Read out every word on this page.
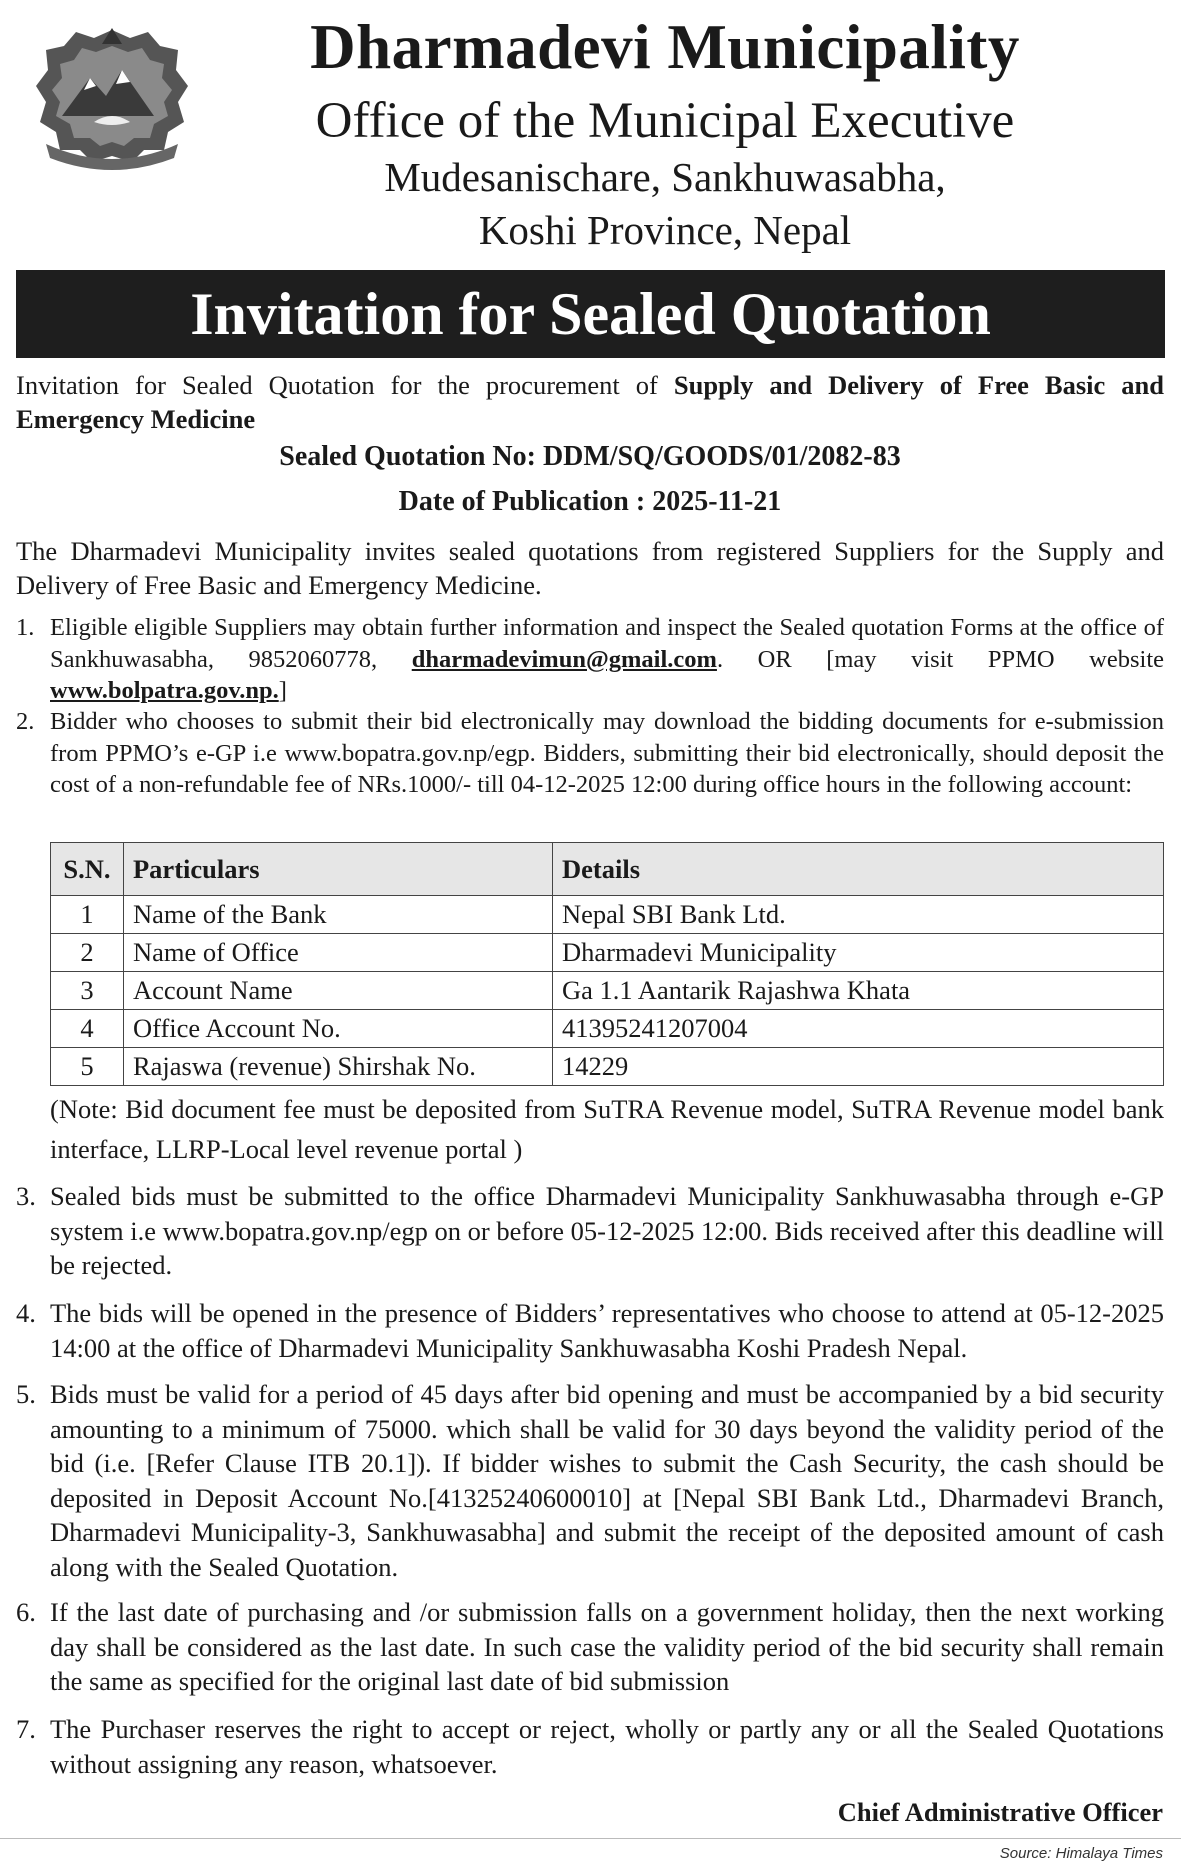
Dharmadevi Municipality
Office of the Municipal Executive
Mudesanischare, Sankhuwasabha,
Koshi Province, Nepal
Invitation for Sealed Quotation
Invitation for Sealed Quotation for the procurement of Supply and Delivery of Free Basic and Emergency Medicine
Sealed Quotation No: DDM/SQ/GOODS/01/2082-83
Date of Publication : 2025-11-21
The Dharmadevi Municipality invites sealed quotations from registered Suppliers for the Supply and Delivery of Free Basic and Emergency Medicine.
1. Eligible eligible Suppliers may obtain further information and inspect the Sealed quotation Forms at the office of Sankhuwasabha, 9852060778, dharmadevimun@gmail.com. OR [may visit PPMO website www.bolpatra.gov.np.]
2. Bidder who chooses to submit their bid electronically may download the bidding documents for e-submission from PPMO’s e-GP i.e www.bopatra.gov.np/egp. Bidders, submitting their bid electronically, should deposit the cost of a non-refundable fee of NRs.1000/- till 04-12-2025 12:00 during office hours in the following account:
S.N.	Particulars	Details
1	Name of the Bank	Nepal SBI Bank Ltd.
2	Name of Office	Dharmadevi Municipality
3	Account Name	Ga 1.1 Aantarik Rajashwa Khata
4	Office Account No.	41395241207004
5	Rajaswa (revenue) Shirshak No.	14229
(Note: Bid document fee must be deposited from SuTRA Revenue model, SuTRA Revenue model bank interface, LLRP-Local level revenue portal )
3. Sealed bids must be submitted to the office Dharmadevi Municipality Sankhuwasabha through e-GP system i.e www.bopatra.gov.np/egp on or before 05-12-2025 12:00. Bids received after this deadline will be rejected.
4. The bids will be opened in the presence of Bidders’ representatives who choose to attend at 05-12-2025 14:00 at the office of Dharmadevi Municipality Sankhuwasabha Koshi Pradesh Nepal.
5. Bids must be valid for a period of 45 days after bid opening and must be accompanied by a bid security amounting to a minimum of 75000. which shall be valid for 30 days beyond the validity period of the bid (i.e. [Refer Clause ITB 20.1]). If bidder wishes to submit the Cash Security, the cash should be deposited in Deposit Account No.[41325240600010] at [Nepal SBI Bank Ltd., Dharmadevi Branch, Dharmadevi Municipality-3, Sankhuwasabha] and submit the receipt of the deposited amount of cash along with the Sealed Quotation.
6. If the last date of purchasing and /or submission falls on a government holiday, then the next working day shall be considered as the last date. In such case the validity period of the bid security shall remain the same as specified for the original last date of bid submission
7. The Purchaser reserves the right to accept or reject, wholly or partly any or all the Sealed Quotations without assigning any reason, whatsoever.
Chief Administrative Officer
Source: Himalaya Times
